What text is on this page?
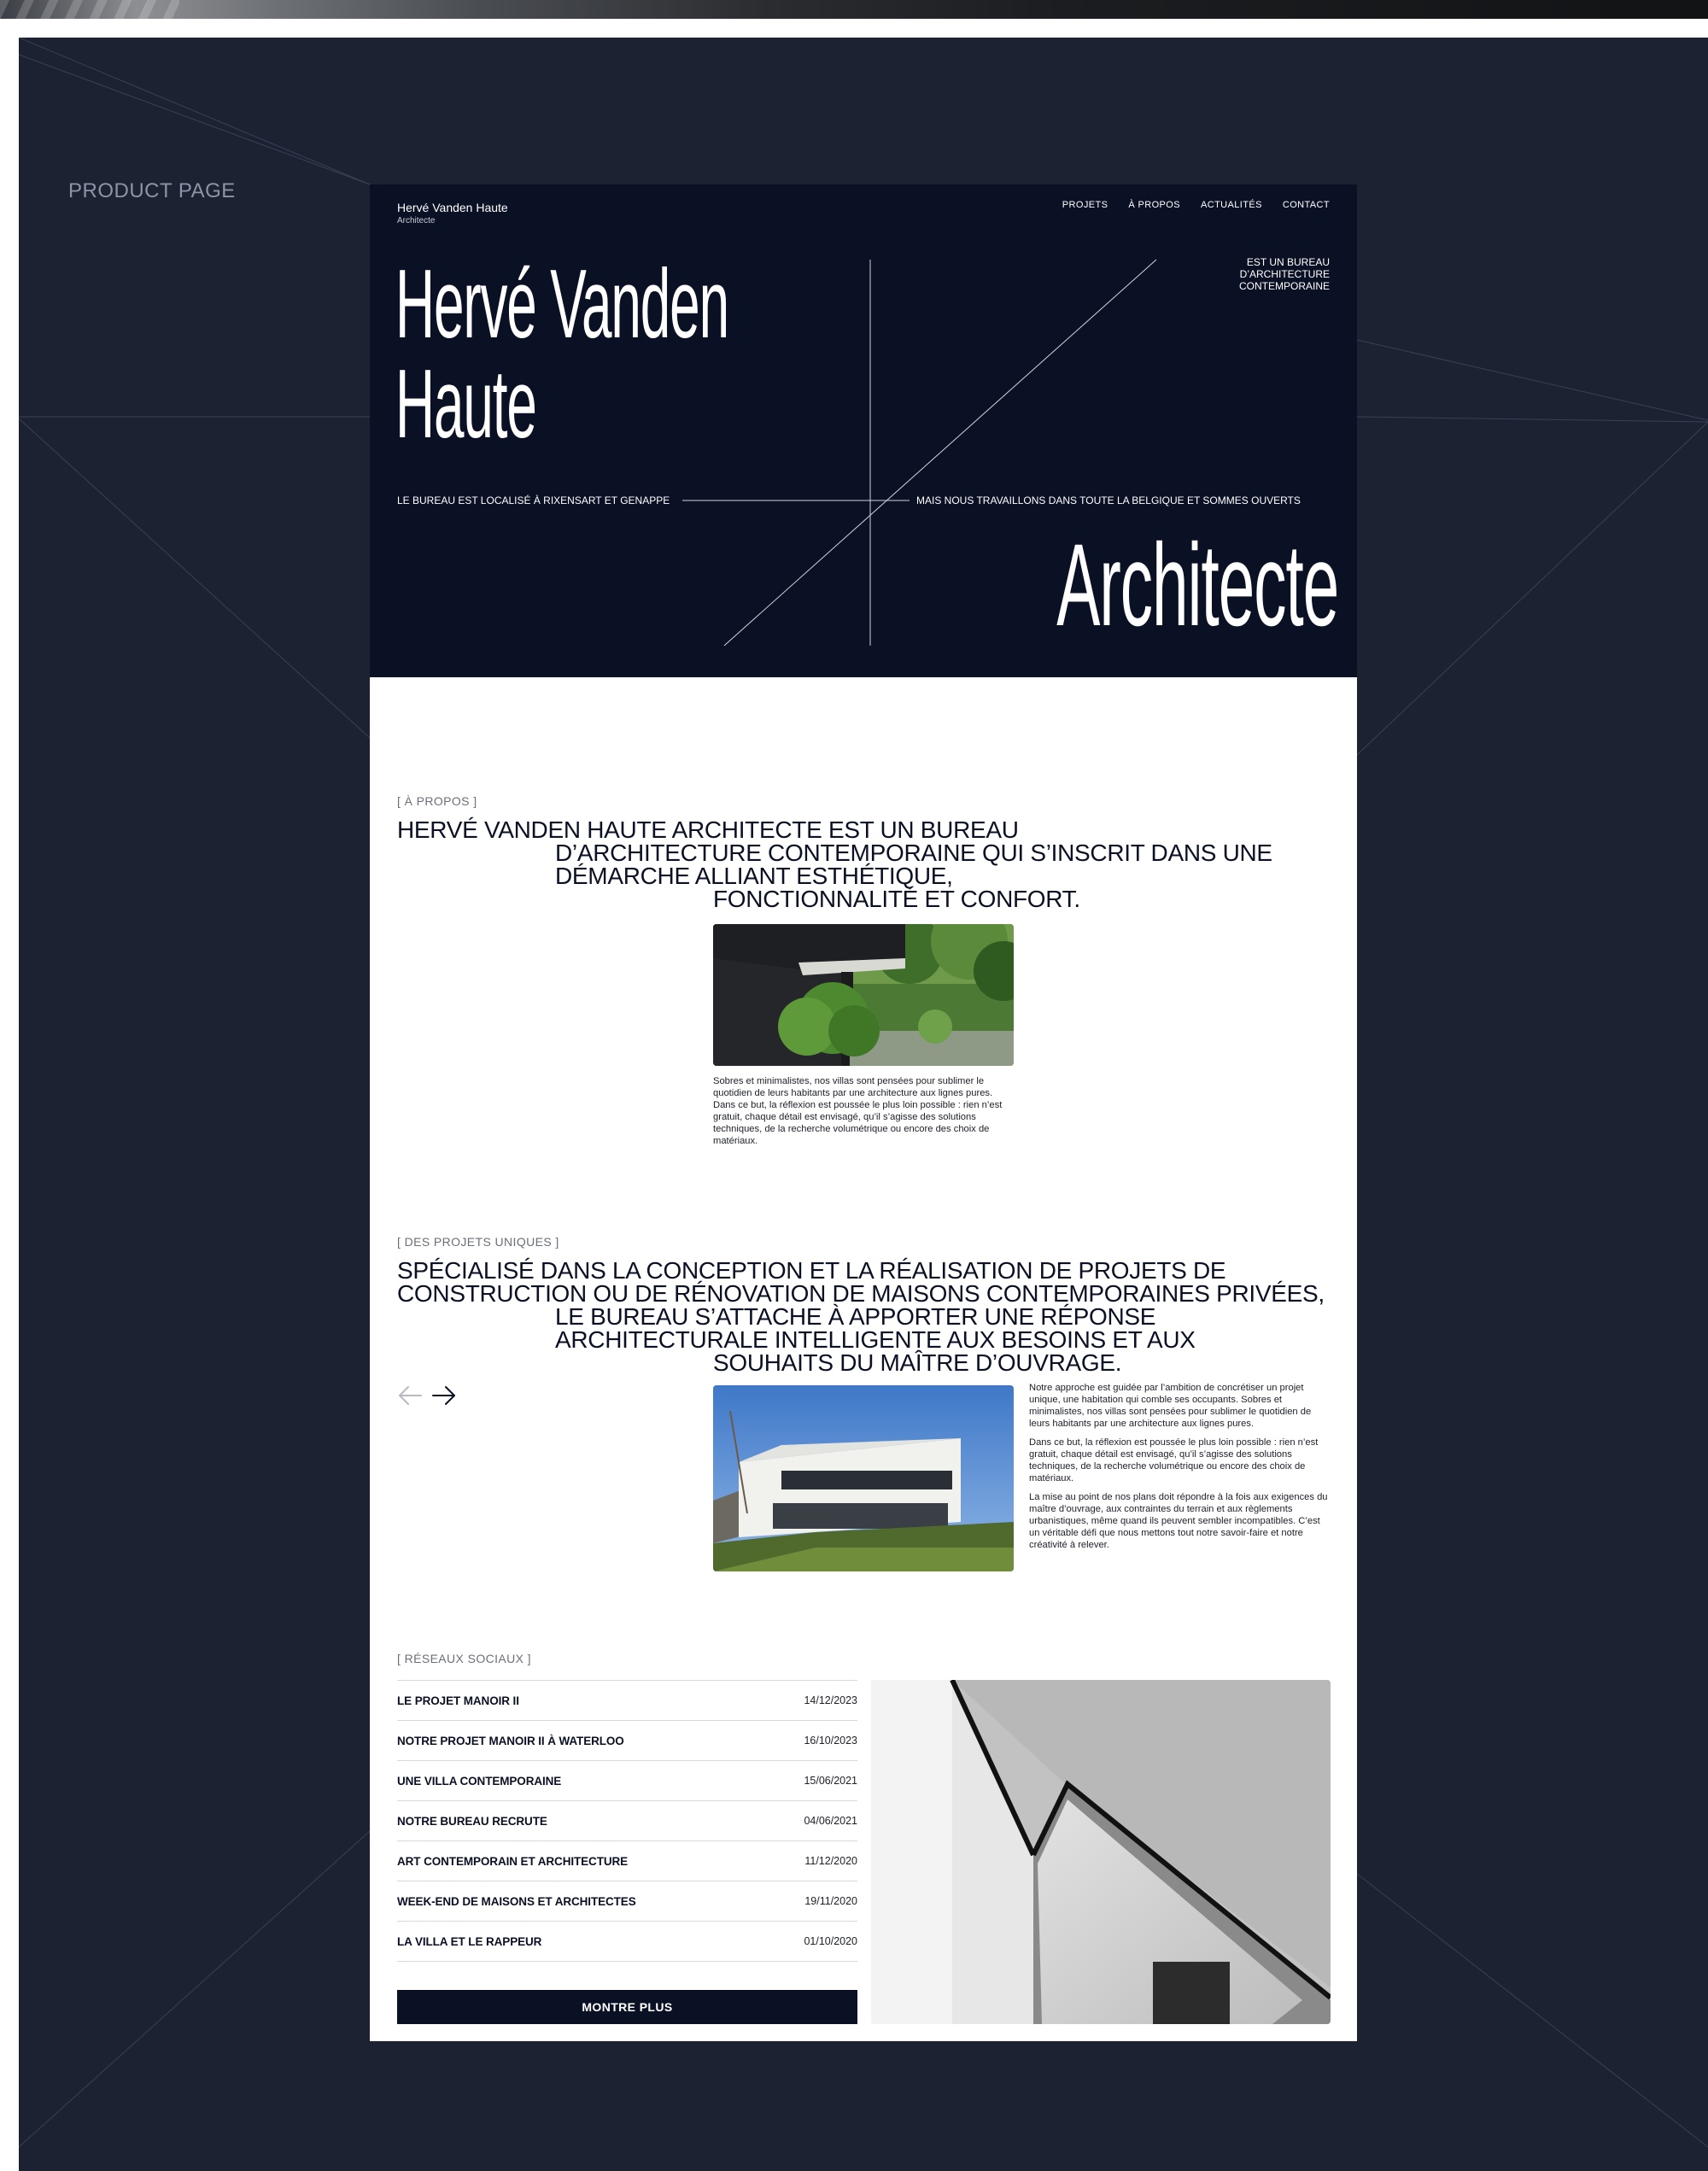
PRODUCT PAGE
Hervé Vanden Haute
Architecte
PROJETS À PROPOS ACTUALITÉS CONTACT
Hervé Vanden
Haute
EST UN BUREAU D’ARCHITECTURE CONTEMPORAINE
LE BUREAU EST LOCALISÉ À RIXENSART ET GENAPPE	MAIS NOUS TRAVAILLONS DANS TOUTE LA BELGIQUE ET SOMMES OUVERTS
Architecte
[ À PROPOS ]
HERVÉ VANDEN HAUTE ARCHITECTE EST UN BUREAU
D’ARCHITECTURE CONTEMPORAINE QUI S’INSCRIT DANS UNE
DÉMARCHE ALLIANT ESTHÉTIQUE,
FONCTIONNALITÉ ET CONFORT.

Sobres et minimalistes, nos villas sont pensées pour sublimer le quotidien de leurs habitants par une architecture aux lignes pures. Dans ce but, la réflexion est poussée le plus loin possible : rien n’est gratuit, chaque détail est envisagé, qu’il s’agisse des solutions techniques, de la recherche volumétrique ou encore des choix de matériaux.

[ DES PROJETS UNIQUES ]
SPÉCIALISÉ DANS LA CONCEPTION ET LA RÉALISATION DE PROJETS DE
CONSTRUCTION OU DE RÉNOVATION DE MAISONS CONTEMPORAINES PRIVÉES,
LE BUREAU S’ATTACHE À APPORTER UNE RÉPONSE
ARCHITECTURALE INTELLIGENTE AUX BESOINS ET AUX
SOUHAITS DU MAÎTRE D’OUVRAGE.

Notre approche est guidée par l’ambition de concrétiser un projet unique, une habitation qui comble ses occupants. Sobres et minimalistes, nos villas sont pensées pour sublimer le quotidien de leurs habitants par une architecture aux lignes pures.

Dans ce but, la réflexion est poussée le plus loin possible : rien n’est gratuit, chaque détail est envisagé, qu’il s’agisse des solutions techniques, de la recherche volumétrique ou encore des choix de matériaux.

La mise au point de nos plans doit répondre à la fois aux exigences du maître d’ouvrage, aux contraintes du terrain et aux règlements urbanistiques, même quand ils peuvent sembler incompatibles. C’est un véritable défi que nous mettons tout notre savoir-faire et notre créativité à relever.

[ RÉSEAUX SOCIAUX ]
LE PROJET MANOIR II	14/12/2023
NOTRE PROJET MANOIR II À WATERLOO	16/10/2023
UNE VILLA CONTEMPORAINE	15/06/2021
NOTRE BUREAU RECRUTE	04/06/2021
ART CONTEMPORAIN ET ARCHITECTURE	11/12/2020
WEEK-END DE MAISONS ET ARCHITECTES	19/11/2020
LA VILLA ET LE RAPPEUR	01/10/2020
MONTRE PLUS
